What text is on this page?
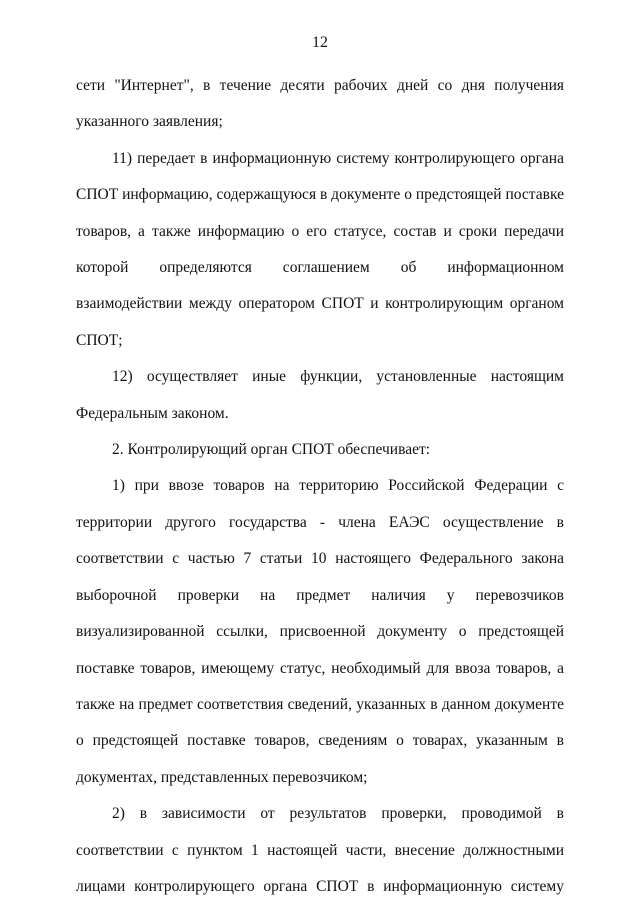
12

сети "Интернет", в течение десяти рабочих дней со дня получения указанного заявления;

11) передает в информационную систему контролирующего органа СПОТ информацию, содержащуюся в документе о предстоящей поставке товаров, а также информацию о его статусе, состав и сроки передачи которой определяются соглашением об информационном взаимодействии между оператором СПОТ и контролирующим органом СПОТ;

12) осуществляет иные функции, установленные настоящим Федеральным законом.

2. Контролирующий орган СПОТ обеспечивает:

1) при ввозе товаров на территорию Российской Федерации с территории другого государства - члена ЕАЭС осуществление в соответствии с частью 7 статьи 10 настоящего Федерального закона выборочной проверки на предмет наличия у перевозчиков визуализированной ссылки, присвоенной документу о предстоящей поставке товаров, имеющему статус, необходимый для ввоза товаров, а также на предмет соответствия сведений, указанных в данном документе о предстоящей поставке товаров, сведениям о товарах, указанным в документах, представленных перевозчиком;

2) в зависимости от результатов проверки, проводимой в соответствии с пунктом 1 настоящей части, внесение должностными лицами контролирующего органа СПОТ в информационную систему
